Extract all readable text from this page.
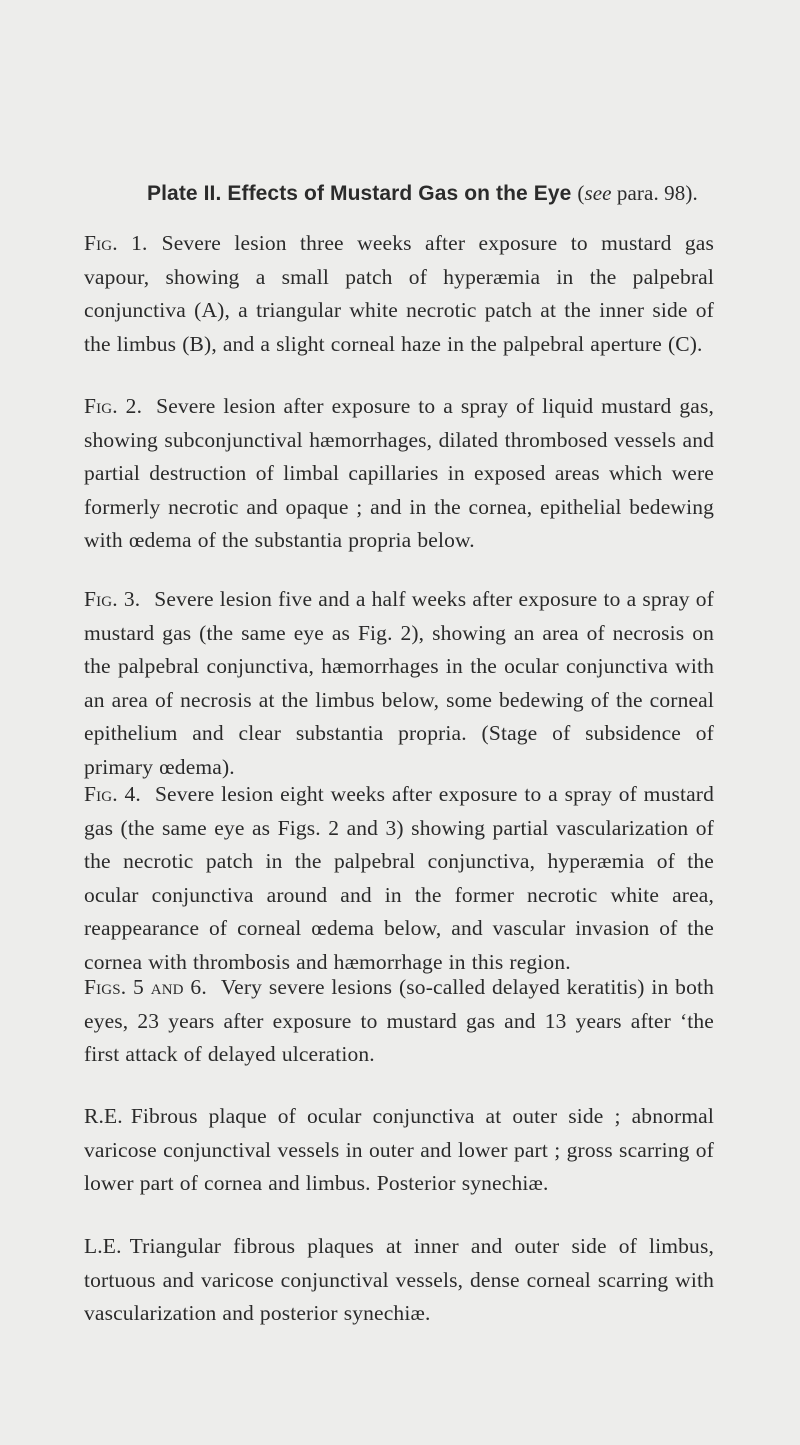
Plate II. Effects of Mustard Gas on the Eye (see para. 98).

Fig. 1. Severe lesion three weeks after exposure to mustard gas vapour, showing a small patch of hyperæmia in the palpebral conjunctiva (A), a triangular white necrotic patch at the inner side of the limbus (B), and a slight corneal haze in the palpebral aperture (C).

Fig. 2. Severe lesion after exposure to a spray of liquid mustard gas, showing subconjunctival hæmorrhages, dilated thrombosed vessels and partial destruction of limbal capillaries in exposed areas which were formerly necrotic and opaque ; and in the cornea, epithelial bedewing with œdema of the substantia propria below.

Fig. 3. Severe lesion five and a half weeks after exposure to a spray of mustard gas (the same eye as Fig. 2), showing an area of necrosis on the palpebral conjunctiva, hæmorrhages in the ocular conjunctiva with an area of necrosis at the limbus below, some bedewing of the corneal epithelium and clear substantia propria. (Stage of subsidence of primary œdema).

Fig. 4. Severe lesion eight weeks after exposure to a spray of mustard gas (the same eye as Figs. 2 and 3) showing partial vascularization of the necrotic patch in the palpebral conjunctiva, hyperæmia of the ocular conjunctiva around and in the former necrotic white area, reappearance of corneal œdema below, and vascular invasion of the cornea with thrombosis and hæmorrhage in this region.

Figs. 5 and 6. Very severe lesions (so-called delayed keratitis) in both eyes, 23 years after exposure to mustard gas and 13 years after ‘the first attack of delayed ulceration.

R.E. Fibrous plaque of ocular conjunctiva at outer side ; abnormal varicose conjunctival vessels in outer and lower part ; gross scarring of lower part of cornea and limbus. Posterior synechiæ.

L.E. Triangular fibrous plaques at inner and outer side of limbus, tortuous and varicose conjunctival vessels, dense corneal scarring with vascularization and posterior synechiæ.
